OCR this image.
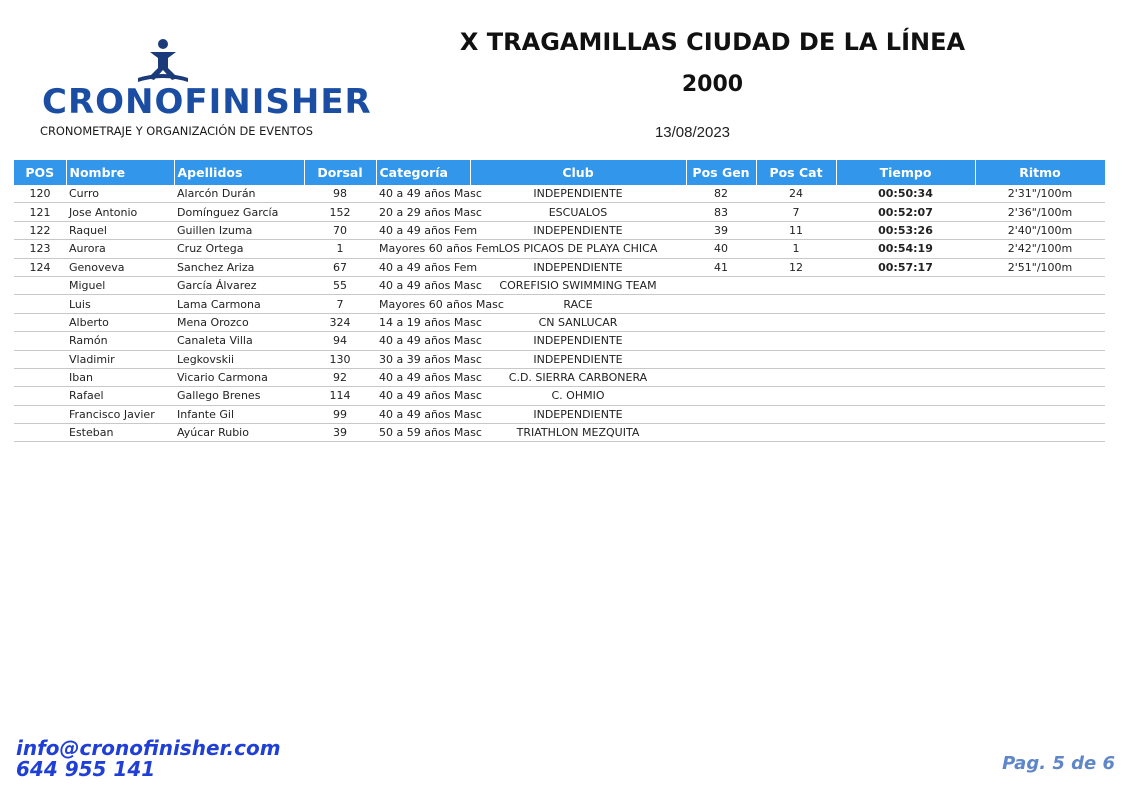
CRONOFINISHER
CRONOMETRAJE Y ORGANIZACIÓN DE EVENTOS
X TRAGAMILLAS CIUDAD DE LA LÍNEA
2000
13/08/2023
POS	Nombre	Apellidos	Dorsal	Categoría	Club	Pos Gen	Pos Cat	Tiempo	Ritmo
120	Curro	Alarcón Durán	98	40 a 49 años Masc	INDEPENDIENTE	82	24	00:50:34	2'31"/100m
121	Jose Antonio	Domínguez García	152	20 a 29 años Masc	ESCUALOS	83	7	00:52:07	2'36"/100m
122	Raquel	Guillen Izuma	70	40 a 49 años Fem	INDEPENDIENTE	39	11	00:53:26	2'40"/100m
123	Aurora	Cruz Ortega	1	Mayores 60 años Fem	LOS PICAOS DE PLAYA CHICA	40	1	00:54:19	2'42"/100m
124	Genoveva	Sanchez Ariza	67	40 a 49 años Fem	INDEPENDIENTE	41	12	00:57:17	2'51"/100m
	Miguel	García Álvarez	55	40 a 49 años Masc	COREFISIO SWIMMING TEAM				
	Luis	Lama Carmona	7	Mayores 60 años Masc	RACE				
	Alberto	Mena Orozco	324	14 a 19 años Masc	CN SANLUCAR				
	Ramón	Canaleta Villa	94	40 a 49 años Masc	INDEPENDIENTE				
	Vladimir	Legkovskii	130	30 a 39 años Masc	INDEPENDIENTE				
	Iban	Vicario Carmona	92	40 a 49 años Masc	C.D. SIERRA CARBONERA				
	Rafael	Gallego Brenes	114	40 a 49 años Masc	C. OHMIO				
	Francisco Javier	Infante Gil	99	40 a 49 años Masc	INDEPENDIENTE				
	Esteban	Ayúcar Rubio	39	50 a 59 años Masc	TRIATHLON MEZQUITA				
info@cronofinisher.com
644 955 141	Pag. 5 de 6
